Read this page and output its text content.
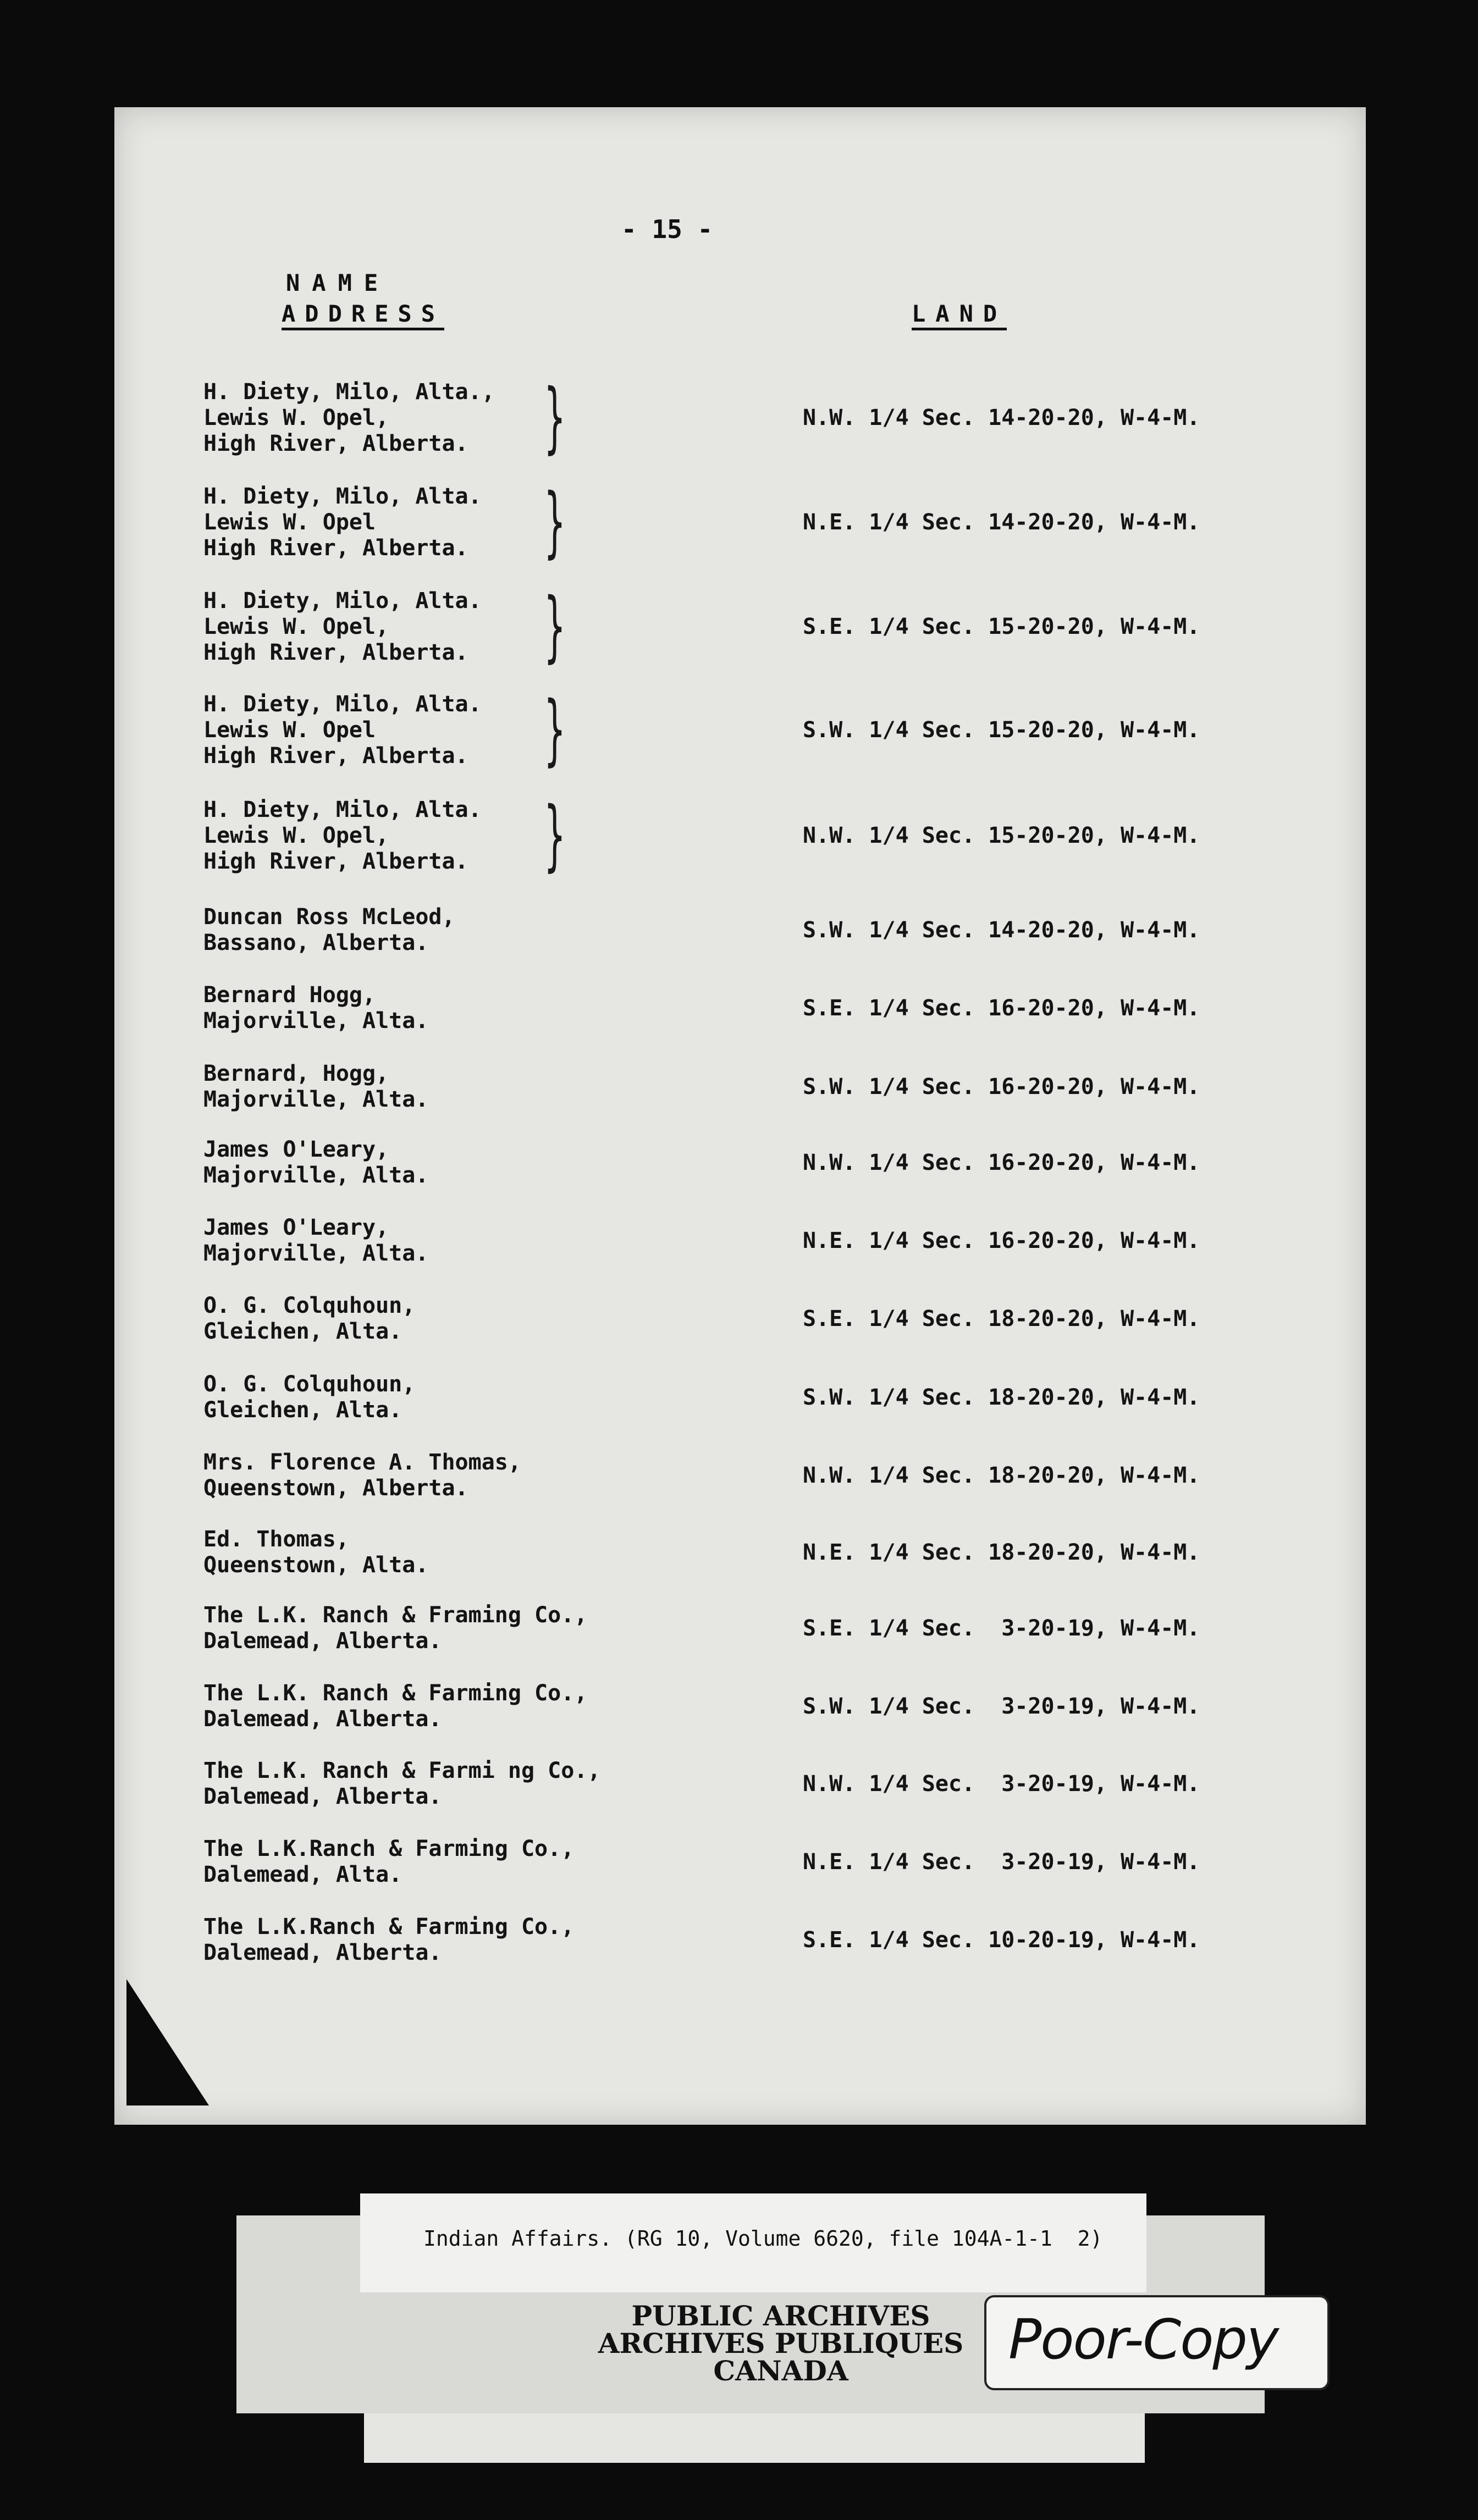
- 15 -
NAME
ADDRESS	LAND
H. Diety, Milo, Alta.,
Lewis W. Opel,
High River, Alberta. }	N.W. 1/4 Sec. 14-20-20, W-4-M.
H. Diety, Milo, Alta.
Lewis W. Opel
High River, Alberta. }	N.E. 1/4 Sec. 14-20-20, W-4-M.
H. Diety, Milo, Alta.
Lewis W. Opel,
High River, Alberta. }	S.E. 1/4 Sec. 15-20-20, W-4-M.
H. Diety, Milo, Alta.
Lewis W. Opel
High River, Alberta. }	S.W. 1/4 Sec. 15-20-20, W-4-M.
H. Diety, Milo, Alta.
Lewis W. Opel,
High River, Alberta. }	N.W. 1/4 Sec. 15-20-20, W-4-M.
Duncan Ross McLeod,
Bassano, Alberta.	S.W. 1/4 Sec. 14-20-20, W-4-M.
Bernard Hogg,
Majorville, Alta.	S.E. 1/4 Sec. 16-20-20, W-4-M.
Bernard, Hogg,
Majorville, Alta.	S.W. 1/4 Sec. 16-20-20, W-4-M.
James O'Leary,
Majorville, Alta.	N.W. 1/4 Sec. 16-20-20, W-4-M.
James O'Leary,
Majorville, Alta.	N.E. 1/4 Sec. 16-20-20, W-4-M.
O. G. Colquhoun,
Gleichen, Alta.	S.E. 1/4 Sec. 18-20-20, W-4-M.
O. G. Colquhoun,
Gleichen, Alta.	S.W. 1/4 Sec. 18-20-20, W-4-M.
Mrs. Florence A. Thomas,
Queenstown, Alberta.	N.W. 1/4 Sec. 18-20-20, W-4-M.
Ed. Thomas,
Queenstown, Alta.	N.E. 1/4 Sec. 18-20-20, W-4-M.
The L.K. Ranch & Framing Co.,
Dalemead, Alberta.	S.E. 1/4 Sec.  3-20-19, W-4-M.
The L.K. Ranch & Farming Co.,
Dalemead, Alberta.	S.W. 1/4 Sec.  3-20-19, W-4-M.
The L.K. Ranch & Farmi ng Co.,
Dalemead, Alberta.	N.W. 1/4 Sec.  3-20-19, W-4-M.
The L.K.Ranch & Farming Co.,
Dalemead, Alta.	N.E. 1/4 Sec.  3-20-19, W-4-M.
The L.K.Ranch & Farming Co.,
Dalemead, Alberta.	S.E. 1/4 Sec. 10-20-19, W-4-M.
Indian Affairs. (RG 10, Volume 6620, file 104A-1-1  2)
PUBLIC ARCHIVES
ARCHIVES PUBLIQUES
CANADA	Poor-Copy
